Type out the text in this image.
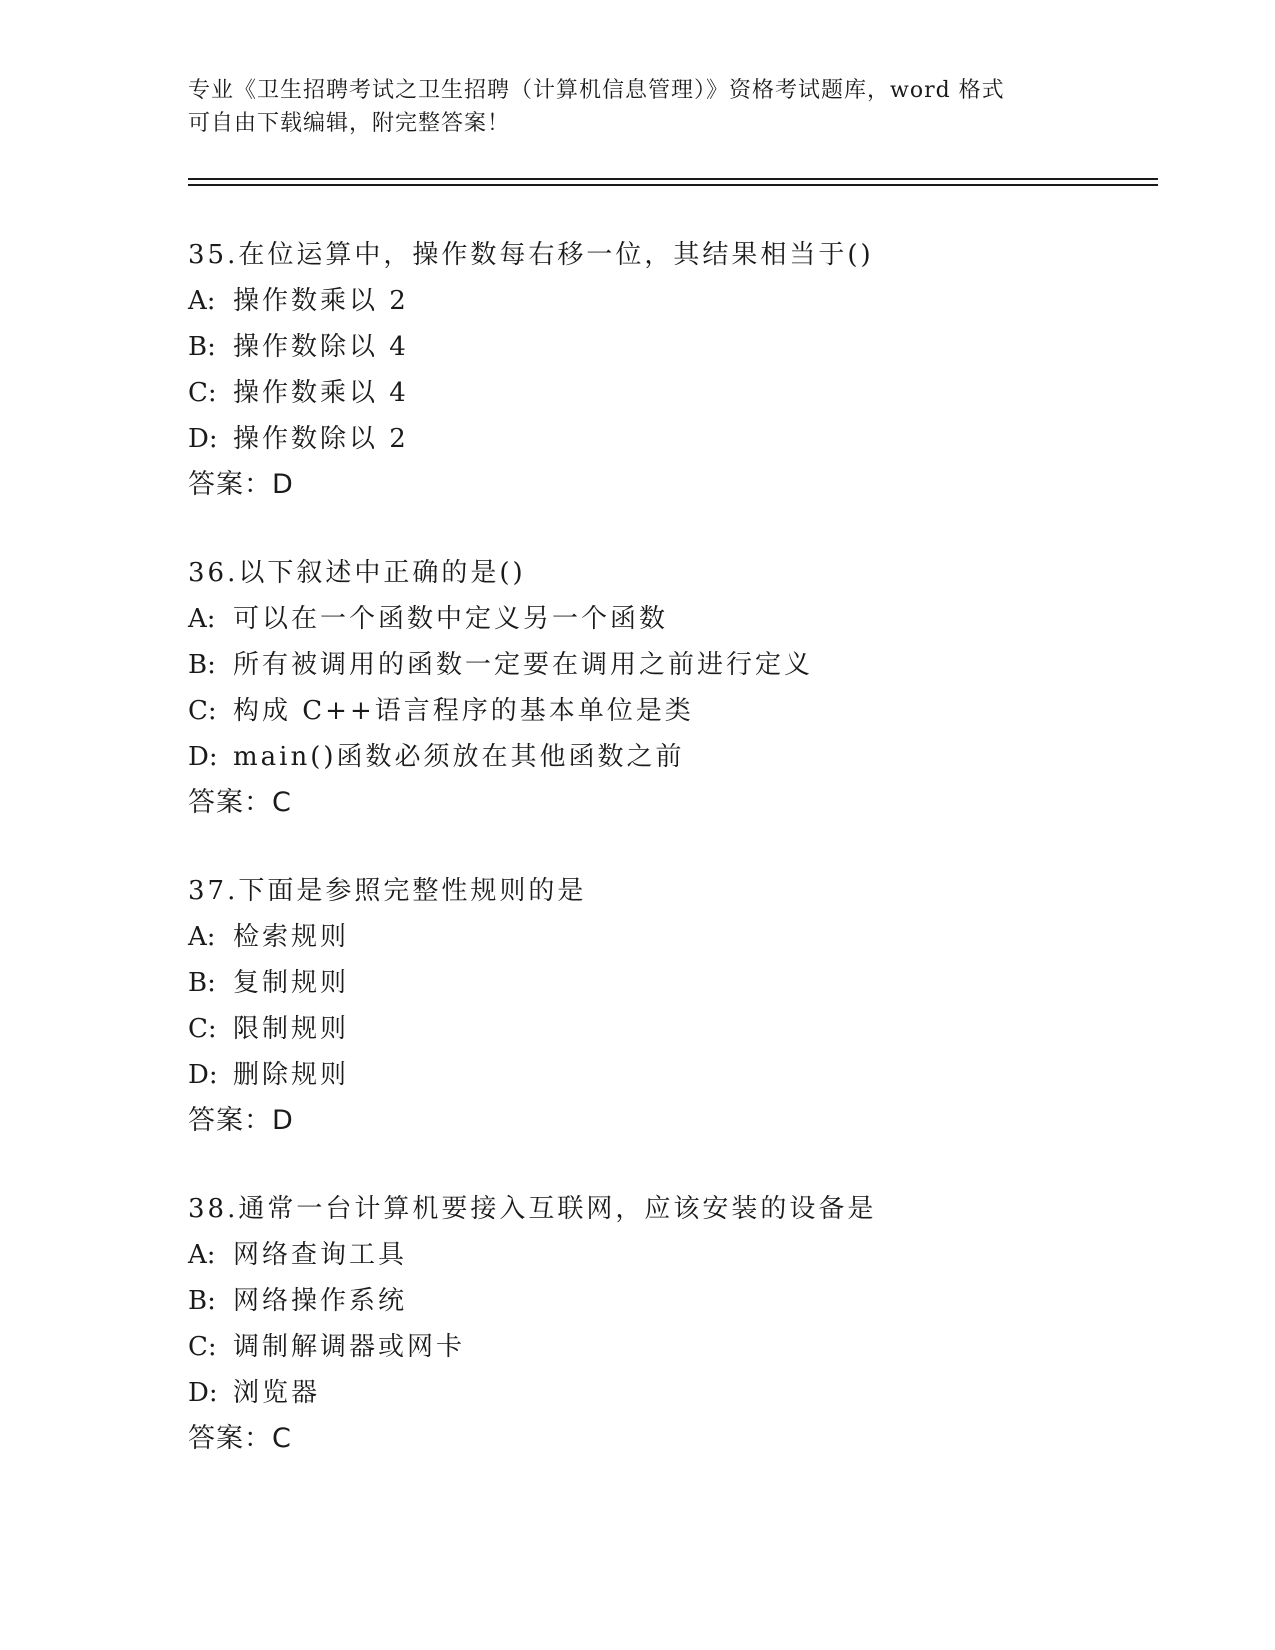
专业《卫生招聘考试之卫生招聘（计算机信息管理）》资格考试题库，word 格式
可自由下载编辑，附完整答案！
35.在位运算中，操作数每右移一位，其结果相当于()
A: 操作数乘以 2
B: 操作数除以 4
C: 操作数乘以 4
D: 操作数除以 2
答案：D
36.以下叙述中正确的是()
A: 可以在一个函数中定义另一个函数
B: 所有被调用的函数一定要在调用之前进行定义
C: 构成 C++语言程序的基本单位是类
D: main()函数必须放在其他函数之前
答案：C
37.下面是参照完整性规则的是
A: 检索规则
B: 复制规则
C: 限制规则
D: 删除规则
答案：D
38.通常一台计算机要接入互联网，应该安装的设备是
A: 网络查询工具
B: 网络操作系统
C: 调制解调器或网卡
D: 浏览器
答案：C
